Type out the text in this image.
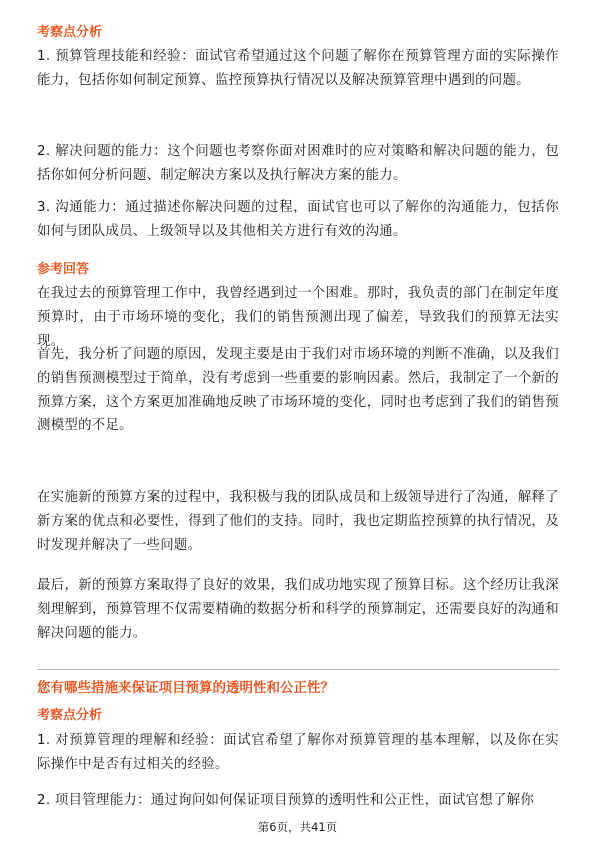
考察点分析
1. 预算管理技能和经验：面试官希望通过这个问题了解你在预算管理方面的实际操作能力，包括你如何制定预算、监控预算执行情况以及解决预算管理中遇到的问题。
2. 解决问题的能力：这个问题也考察你面对困难时的应对策略和解决问题的能力，包括你如何分析问题、制定解决方案以及执行解决方案的能力。
3. 沟通能力：通过描述你解决问题的过程，面试官也可以了解你的沟通能力，包括你如何与团队成员、上级领导以及其他相关方进行有效的沟通。
参考回答
在我过去的预算管理工作中，我曾经遇到过一个困难。那时，我负责的部门在制定年度预算时，由于市场环境的变化，我们的销售预测出现了偏差，导致我们的预算无法实现。
首先，我分析了问题的原因，发现主要是由于我们对市场环境的判断不准确，以及我们的销售预测模型过于简单，没有考虑到一些重要的影响因素。然后，我制定了一个新的预算方案，这个方案更加准确地反映了市场环境的变化，同时也考虑到了我们的销售预测模型的不足。
在实施新的预算方案的过程中，我积极与我的团队成员和上级领导进行了沟通，解释了新方案的优点和必要性，得到了他们的支持。同时，我也定期监控预算的执行情况，及时发现并解决了一些问题。
最后，新的预算方案取得了良好的效果，我们成功地实现了预算目标。这个经历让我深刻理解到，预算管理不仅需要精确的数据分析和科学的预算制定，还需要良好的沟通和解决问题的能力。
您有哪些措施来保证项目预算的透明性和公正性？
考察点分析
1. 对预算管理的理解和经验：面试官希望了解你对预算管理的基本理解，以及你在实际操作中是否有过相关的经验。
2. 项目管理能力：通过询问如何保证项目预算的透明性和公正性，面试官想了解你
第6页，共41页
